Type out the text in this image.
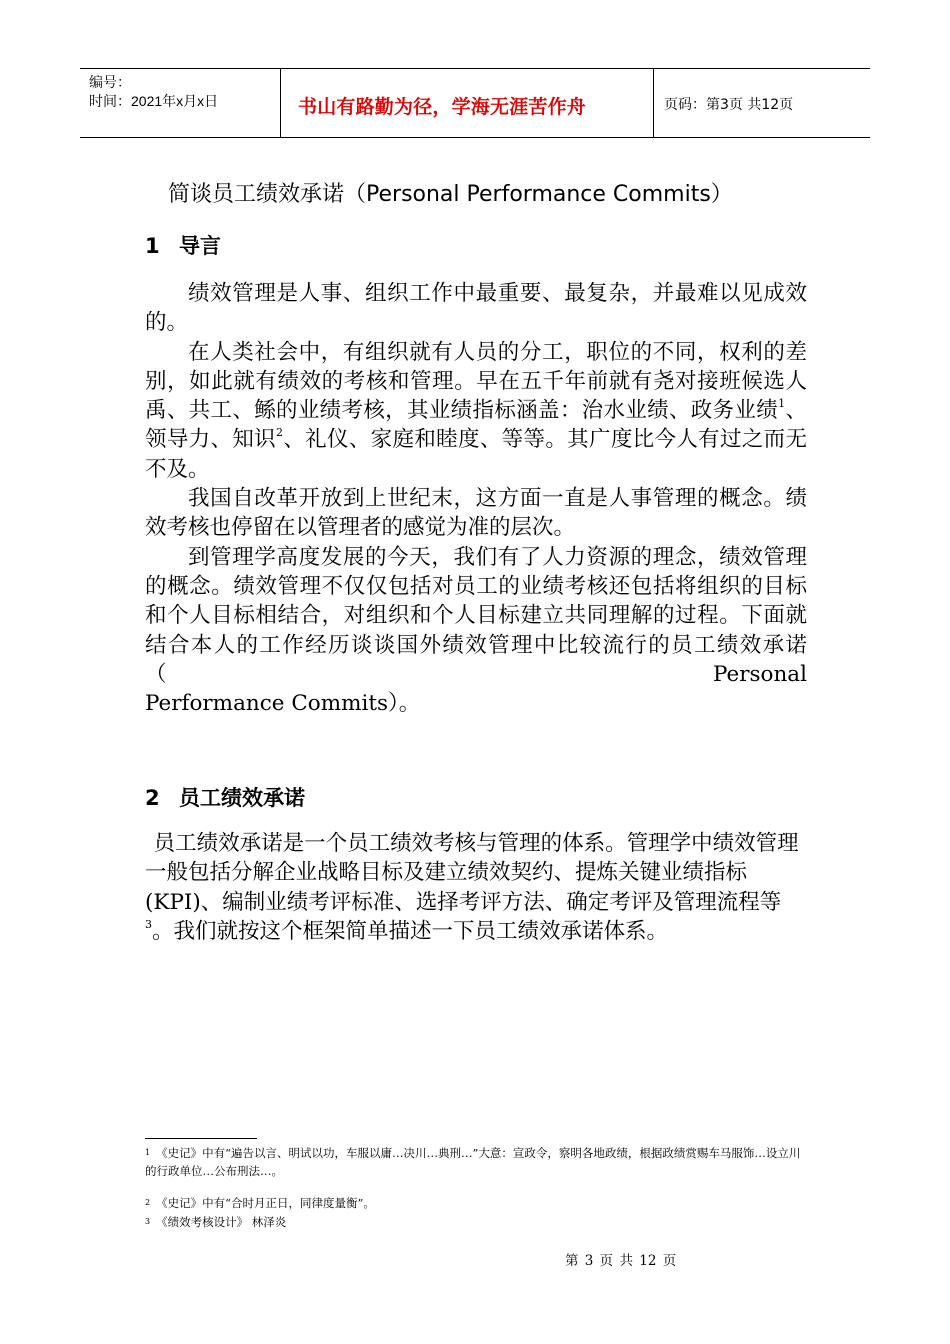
编号：
时间：2021年x月x日	书山有路勤为径，学海无涯苦作舟	页码：第3页 共12页
简谈员工绩效承诺（Personal Performance Commits）
1 导言

绩效管理是人事、组织工作中最重要、最复杂，并最难以见成效的。

在人类社会中，有组织就有人员的分工，职位的不同，权利的差别，如此就有绩效的考核和管理。早在五千年前就有尧对接班候选人禹、共工、鲧的业绩考核，其业绩指标涵盖：治水业绩、政务业绩$^1$、领导力、知识$^2$、礼仪、家庭和睦度、等等。其广度比今人有过之而无不及。

我国自改革开放到上世纪末，这方面一直是人事管理的概念。绩效考核也停留在以管理者的感觉为准的层次。

到管理学高度发展的今天，我们有了人力资源的理念，绩效管理的概念。绩效管理不仅仅包括对员工的业绩考核还包括将组织的目标和个人目标相结合，对组织和个人目标建立共同理解的过程。下面就结合本人的工作经历谈谈国外绩效管理中比较流行的员工绩效承诺（Personal

Performance Commits）。
2 员工绩效承诺

员工绩效承诺是一个员工绩效考核与管理的体系。管理学中绩效管理一般包括分解企业战略目标及建立绩效契约、提炼关键业绩指标(KPI)、编制业绩考评标准、选择考评方法、确定考评及管理流程等$^3$。我们就按这个框架简单描述一下员工绩效承诺体系。

$^1$ 《史记》中有“遍告以言、明试以功，车服以庸…决川…典刑…”大意：宣政令，察明各地政绩，根据政绩赏赐车马服饰…设立川的行政单位…公布刑法…。
$^2$ 《史记》中有“合时月正日，同律度量衡”。
$^3$ 《绩效考核设计》 林泽炎
第 3 页 共 12 页
